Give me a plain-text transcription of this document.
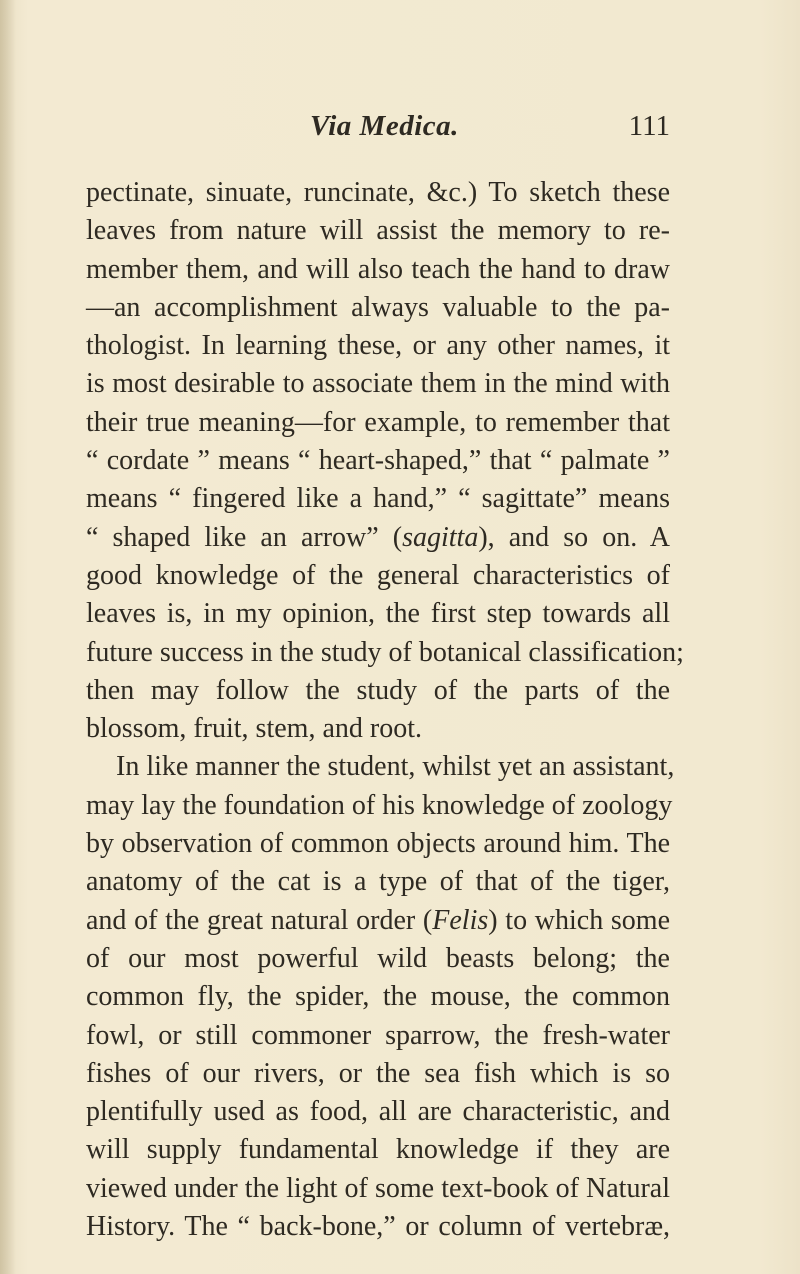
Via Medica.	111
pectinate, sinuate, runcinate, &c.) To sketch these
leaves from nature will assist the memory to re-
member them, and will also teach the hand to draw
—an accomplishment always valuable to the pa-
thologist. In learning these, or any other names, it
is most desirable to associate them in the mind with
their true meaning—for example, to remember that
“ cordate ” means “ heart-shaped,” that “ palmate ”
means “ fingered like a hand,” “ sagittate” means
“ shaped like an arrow” (sagitta), and so on. A
good knowledge of the general characteristics of
leaves is, in my opinion, the first step towards all
future success in the study of botanical classification;
then may follow the study of the parts of the
blossom, fruit, stem, and root.
In like manner the student, whilst yet an assistant,
may lay the foundation of his knowledge of zoology
by observation of common objects around him. The
anatomy of the cat is a type of that of the tiger,
and of the great natural order (Felis) to which some
of our most powerful wild beasts belong; the
common fly, the spider, the mouse, the common
fowl, or still commoner sparrow, the fresh-water
fishes of our rivers, or the sea fish which is so
plentifully used as food, all are characteristic, and
will supply fundamental knowledge if they are
viewed under the light of some text-book of Natural
History. The “ back-bone,” or column of vertebræ,
